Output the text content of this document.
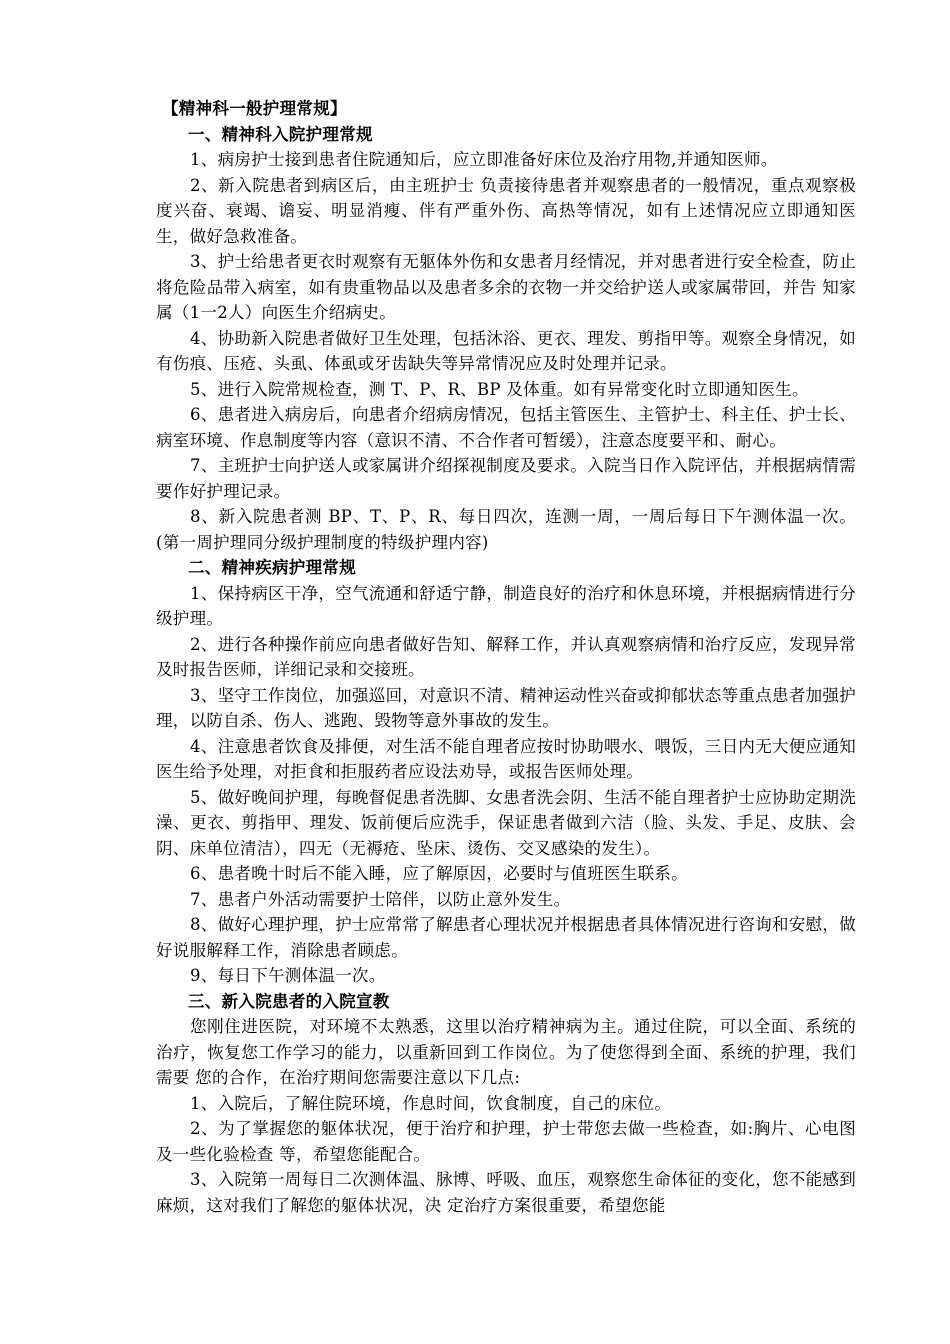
【精神科一般护理常规】

一、精神科入院护理常规

1、病房护士接到患者住院通知后，应立即准备好床位及治疗用物,并通知医师。

2、新入院患者到病区后，由主班护士 负责接待患者并观察患者的一般情况，重点观察极度兴奋、衰竭、谵妄、明显消瘦、伴有严重外伤、高热等情况，如有上述情况应立即通知医生，做好急救准备。

3、护士给患者更衣时观察有无躯体外伤和女患者月经情况，并对患者进行安全检查，防止将危险品带入病室，如有贵重物品以及患者多余的衣物一并交给护送人或家属带回，并告 知家属（1一2人）向医生介绍病史。

4、协助新入院患者做好卫生处理，包括沐浴、更衣、理发、剪指甲等。观察全身情况，如有伤痕、压疮、头虱、体虱或牙齿缺失等异常情况应及时处理并记录。

5、进行入院常规检查，测 T、P、R、BP 及体重。如有异常变化时立即通知医生。

6、患者进入病房后，向患者介绍病房情况，包括主管医生、主管护士、科主任、护士长、病室环境、作息制度等内容（意识不清、不合作者可暂缓），注意态度要平和、耐心。

7、主班护士向护送人或家属讲介绍探视制度及要求。入院当日作入院评估，并根据病情需要作好护理记录。

8、新入院患者测 BP、T、P、R、每日四次，连测一周，一周后每日下午测体温一次。(第一周护理同分级护理制度的特级护理内容)

二、精神疾病护理常规

1、保持病区干净，空气流通和舒适宁静，制造良好的治疗和休息环境，并根据病情进行分级护理。

2、进行各种操作前应向患者做好告知、解释工作，并认真观察病情和治疗反应，发现异常及时报告医师，详细记录和交接班。

3、坚守工作岗位，加强巡回，对意识不清、精神运动性兴奋或抑郁状态等重点患者加强护理，以防自杀、伤人、逃跑、毁物等意外事故的发生。

4、注意患者饮食及排便，对生活不能自理者应按时协助喂水、喂饭，三日内无大便应通知医生给予处理，对拒食和拒服药者应设法劝导，或报告医师处理。

5、做好晚间护理，每晚督促患者洗脚、女患者洗会阴、生活不能自理者护士应协助定期洗澡、更衣、剪指甲、理发、饭前便后应洗手，保证患者做到六洁（脸、头发、手足、皮肤、会阴、床单位清洁），四无（无褥疮、坠床、烫伤、交叉感染的发生）。

6、患者晚十时后不能入睡，应了解原因，必要时与值班医生联系。

7、患者户外活动需要护士陪伴，以防止意外发生。

8、做好心理护理，护士应常常了解患者心理状况并根据患者具体情况进行咨询和安慰，做好说服解释工作，消除患者顾虑。

9、每日下午测体温一次。

三、新入院患者的入院宣教

您刚住进医院，对环境不太熟悉，这里以治疗精神病为主。通过住院，可以全面、系统的治疗，恢复您工作学习的能力，以重新回到工作岗位。为了使您得到全面、系统的护理，我们需要 您的合作，在治疗期间您需要注意以下几点:

1、入院后，了解住院环境，作息时间，饮食制度，自己的床位。

2、为了掌握您的躯体状况，便于治疗和护理，护士带您去做一些检查，如:胸片、心电图及一些化验检查 等，希望您能配合。

3、入院第一周每日二次测体温、脉博、呼吸、血压，观察您生命体征的变化，您不能感到麻烦，这对我们了解您的躯体状况，决 定治疗方案很重要，希望您能
